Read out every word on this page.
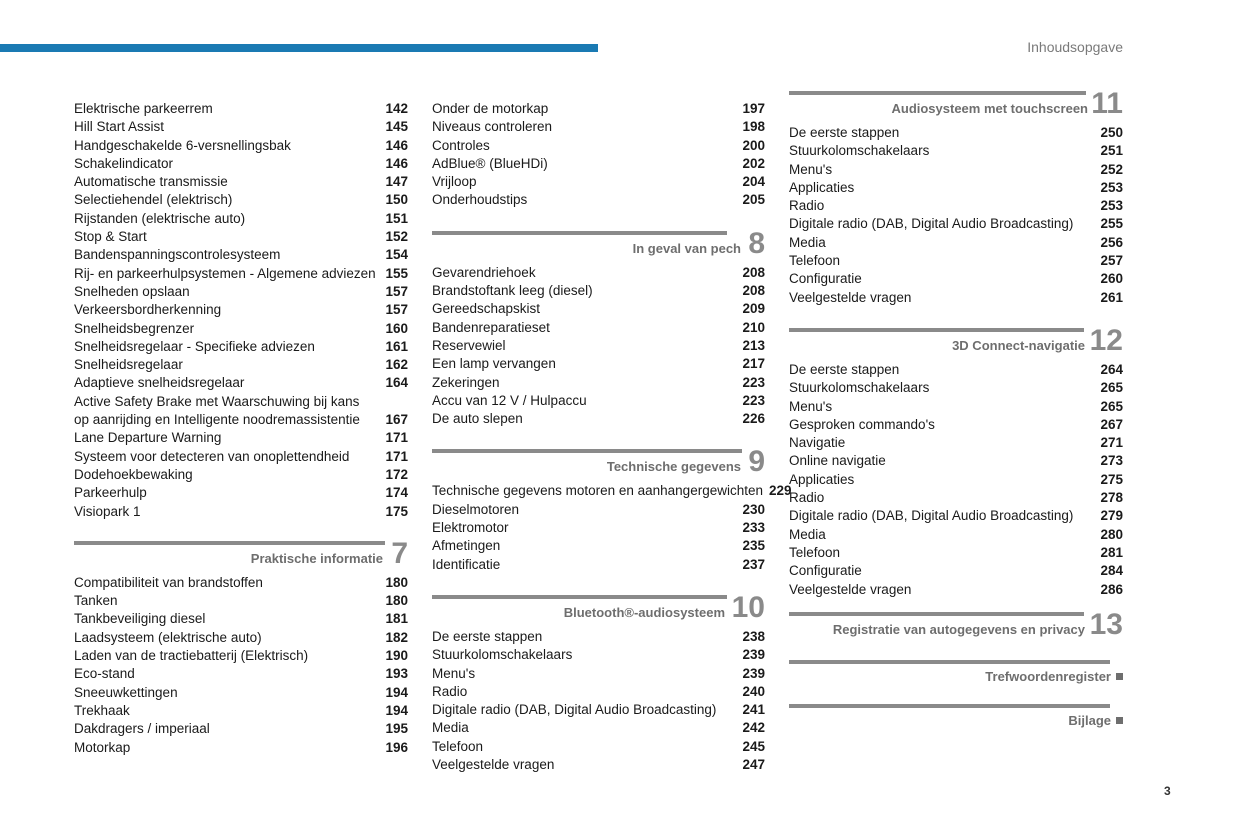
Inhoudsopgave
3
Elektrische parkeerrem	142
Hill Start Assist	145
Handgeschakelde 6-versnellingsbak	146
Schakelindicator	146
Automatische transmissie	147
Selectiehendel (elektrisch)	150
Rijstanden (elektrische auto)	151
Stop & Start	152
Bandenspanningscontrolesysteem	154
Rij- en parkeerhulpsystemen - Algemene adviezen 155
Snelheden opslaan	157
Verkeersbordherkenning	157
Snelheidsbegrenzer	160
Snelheidsregelaar - Specifieke adviezen	161
Snelheidsregelaar	162
Adaptieve snelheidsregelaar	164
Active Safety Brake met Waarschuwing bij kans op aanrijding en Intelligente noodremassistentie	167
Lane Departure Warning	171
Systeem voor detecteren van onoplettendheid	171
Dodehoekbewaking	172
Parkeerhulp	174
Visiopark 1	175
Praktische informatie 7
Compatibiliteit van brandstoffen	180
Tanken	180
Tankbeveiliging diesel	181
Laadsysteem (elektrische auto)	182
Laden van de tractiebatterij (Elektrisch)	190
Eco-stand	193
Sneeuwkettingen	194
Trekhaak	194
Dakdragers / imperiaal	195
Motorkap	196
Onder de motorkap	197
Niveaus controleren	198
Controles	200
AdBlue® (BlueHDi)	202
Vrijloop	204
Onderhoudstips	205
In geval van pech 8
Gevarendriehoek	208
Brandstoftank leeg (diesel)	208
Gereedschapskist	209
Bandenreparatieset	210
Reservewiel	213
Een lamp vervangen	217
Zekeringen	223
Accu van 12 V / Hulpaccu	223
De auto slepen	226
Technische gegevens 9
Technische gegevens motoren en aanhangergewichten 229
Dieselmotoren	230
Elektromotor	233
Afmetingen	235
Identificatie	237
Bluetooth®-audiosysteem 10
De eerste stappen	238
Stuurkolomschakelaars	239
Menu's	239
Radio	240
Digitale radio (DAB, Digital Audio Broadcasting)	241
Media	242
Telefoon	245
Veelgestelde vragen	247
Audiosysteem met touchscreen 11
De eerste stappen	250
Stuurkolomschakelaars	251
Menu's	252
Applicaties	253
Radio	253
Digitale radio (DAB, Digital Audio Broadcasting)	255
Media	256
Telefoon	257
Configuratie	260
Veelgestelde vragen	261
3D Connect-navigatie 12
De eerste stappen	264
Stuurkolomschakelaars	265
Menu's	265
Gesproken commando's	267
Navigatie	271
Online navigatie	273
Applicaties	275
Radio	278
Digitale radio (DAB, Digital Audio Broadcasting)	279
Media	280
Telefoon	281
Configuratie	284
Veelgestelde vragen	286
Registratie van autogegevens en privacy 13
Trefwoordenregister
Bijlage
